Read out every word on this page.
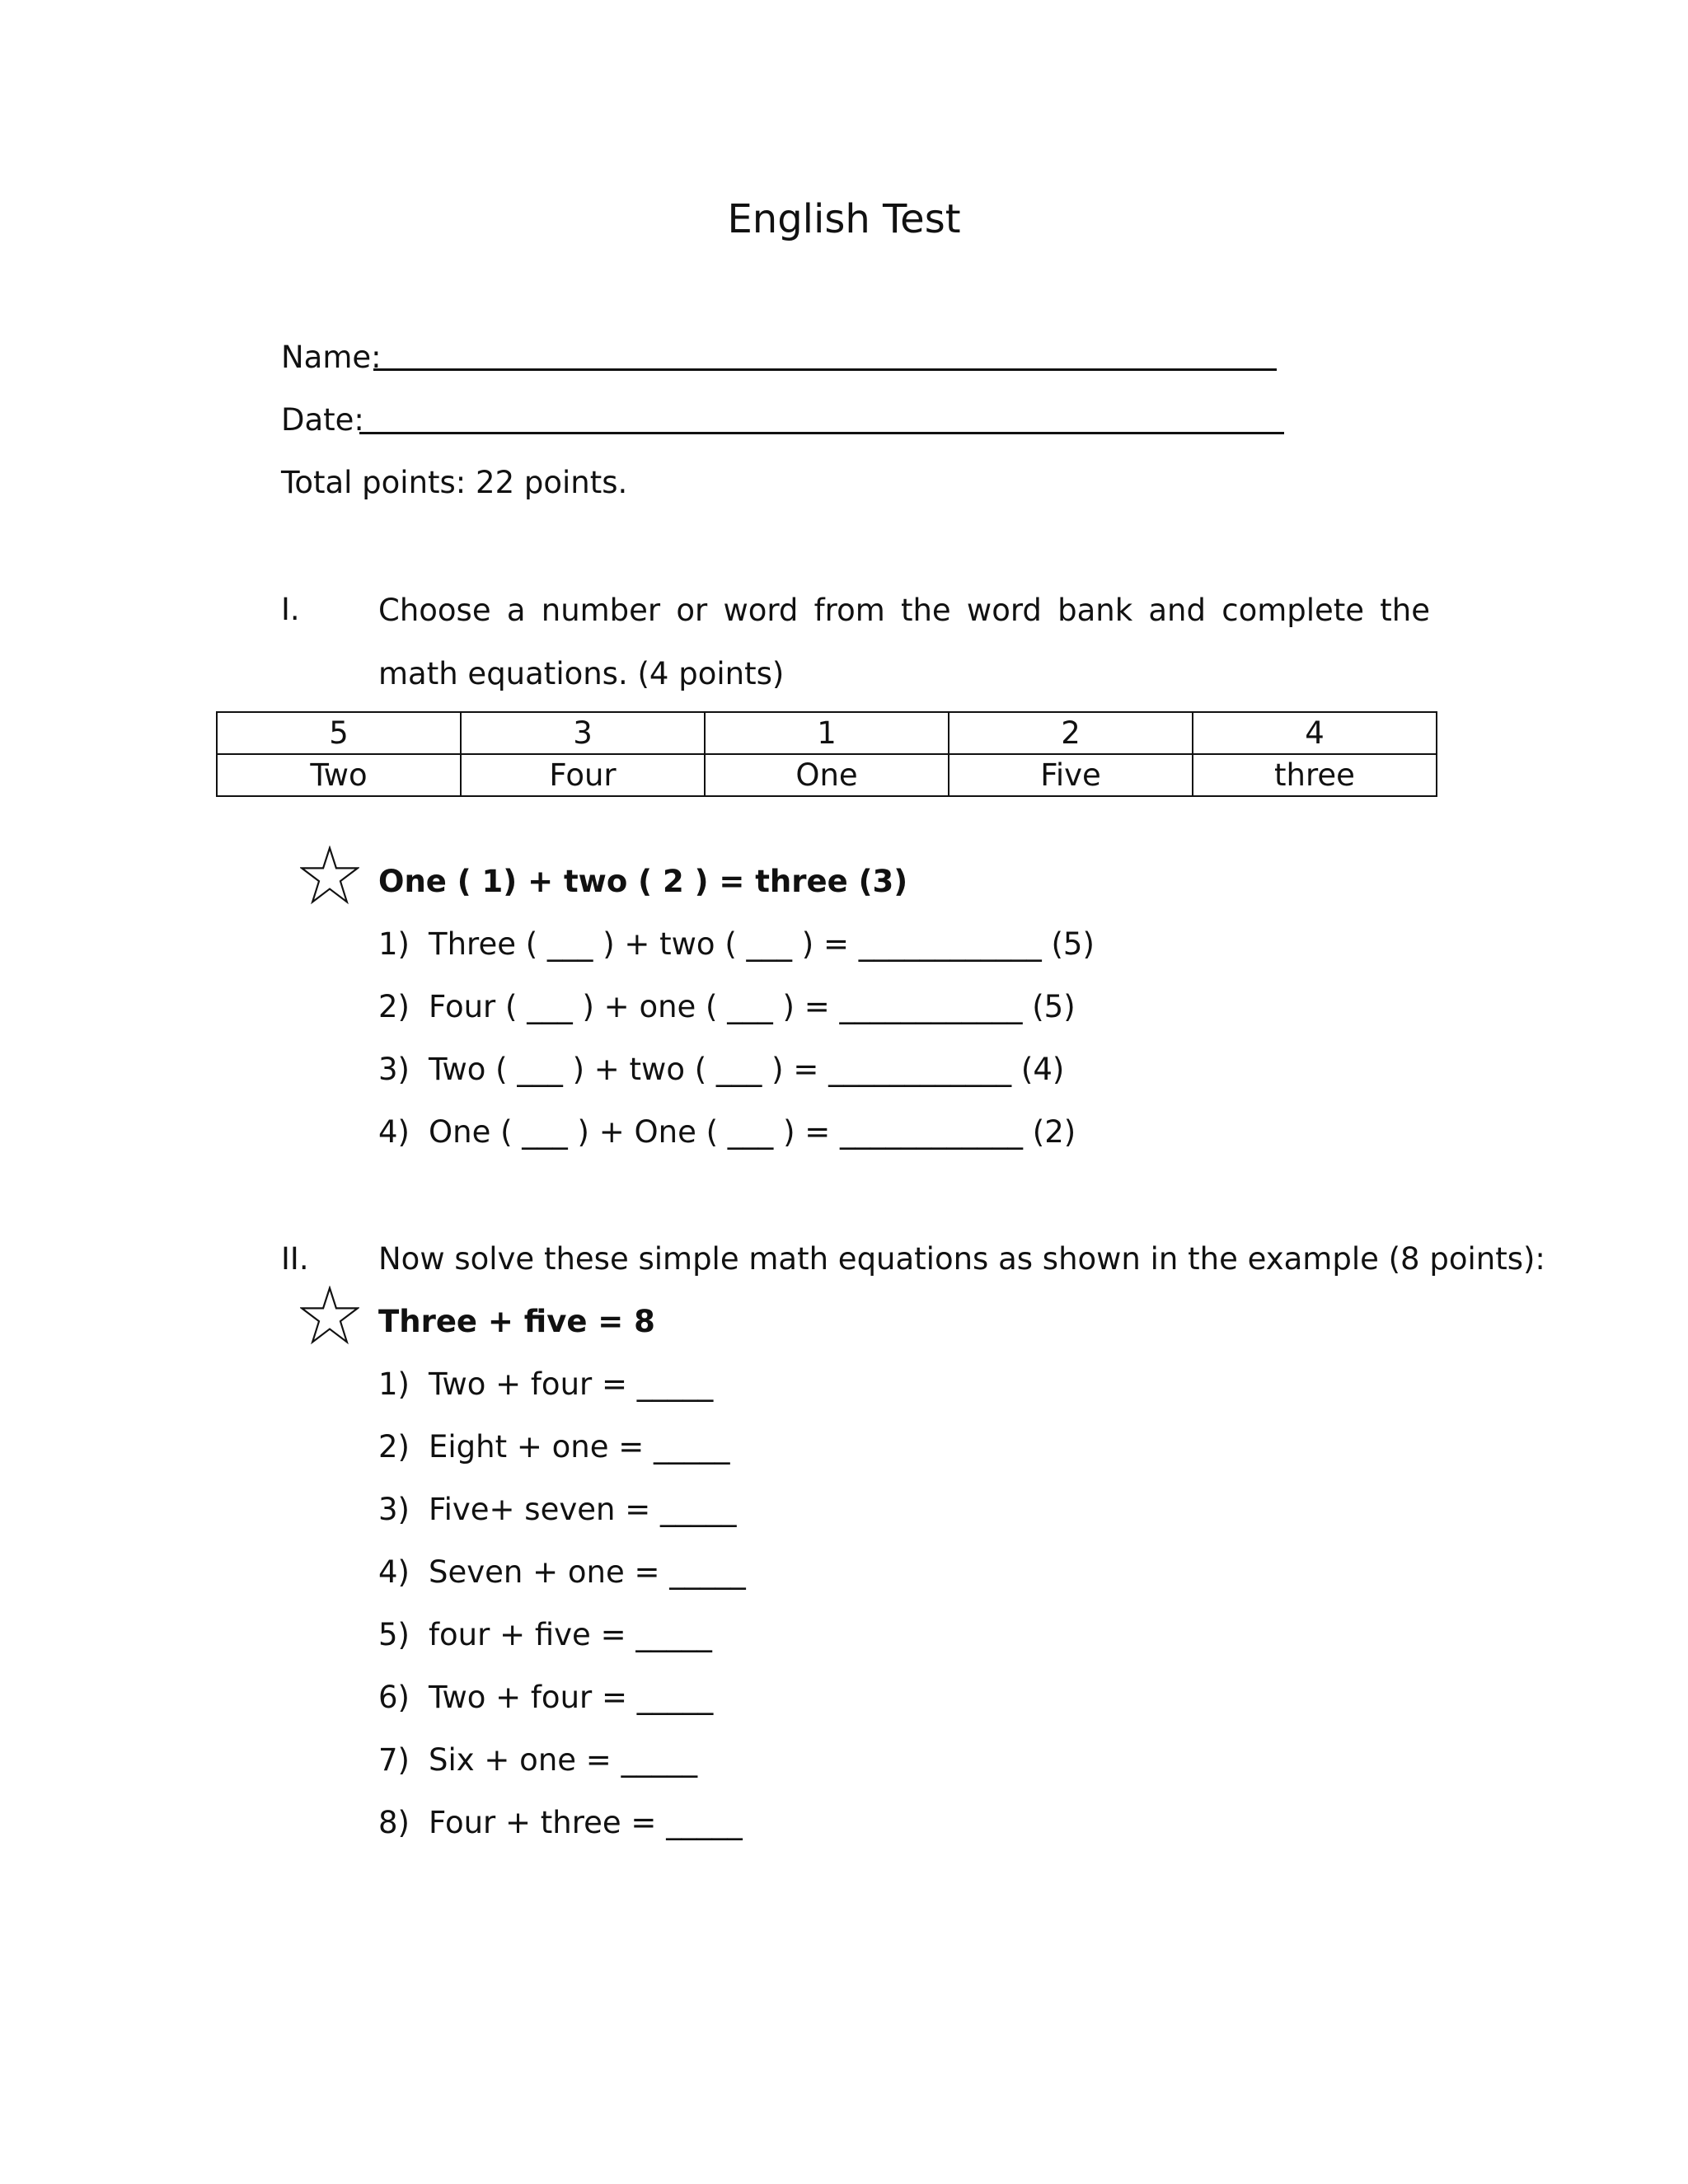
English Test
Name:
Date:
Total points: 22 points.
I.	Choose a number or word from the word bank and complete the math equations. (4 points)
5	3	1	2	4
Two	Four	One	Five	three
One ( 1) + two ( 2 ) = three (3)
1) Three ( ___ ) + two ( ___ ) = ____________ (5)
2) Four ( ___ ) + one ( ___ ) = ____________ (5)
3) Two ( ___ ) + two ( ___ ) = ____________ (4)
4) One ( ___ ) + One ( ___ ) = ____________ (2)
II. Now solve these simple math equations as shown in the example (8 points):
Three + five = 8
1) Two + four = _____
2) Eight + one = _____
3) Five+ seven = _____
4) Seven + one = _____
5) four + five = _____
6) Two + four = _____
7) Six + one = _____
8) Four + three = _____
